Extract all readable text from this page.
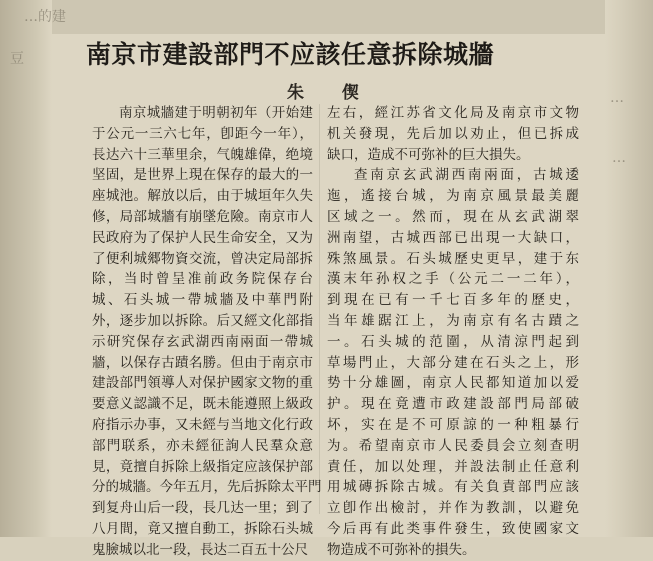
…的建
豆
…
…
南京市建設部門不应該任意拆除城牆
朱 偰
南京城牆建于明朝初年（开始建
于公元一三六七年，卽距今一年），
長达六十三華里余，气魄雄偉，绝境
坚固，是世界上現在保存的最大的一
座城池。解放以后，由于城垣年久失
修，局部城牆有崩墜危險。南京市人
民政府为了保护人民生命安全，又为
了便利城郷物資交流，曾决定局部拆
除，当时曾呈准前政务院保存台
城、石头城一帶城牆及中華門附
外，逐步加以拆除。后又經文化部指
示研究保存玄武湖西南兩面一帶城
牆，以保存古蹟名勝。但由于南京市
建設部門領導人对保护國家文物的重
要意义認識不足，既未能遵照上級政
府指示办事，又未經与当地文化行政
部門联系，亦未經征詢人民羣众意
見，竟擅自拆除上級指定应該保护部
分的城牆。今年五月，先后拆除太平門
到复舟山后一段，長几达一里；到了
八月間，竟又擅自動工，拆除石头城
鬼臉城以北一段，長达二百五十公尺
左右，經江苏省文化局及南京市文物
机关發現，先后加以劝止，但已拆成
缺口，造成不可弥补的巨大損失。
查南京玄武湖西南兩面，古城逶
迤，遙接台城，为南京風景最美麗
区域之一。然而，現在从玄武湖翠
洲南望，古城西部已出現一大缺口，
殊煞風景。石头城歷史更早，建于东
漢末年孙权之手（公元二一二年），
到現在已有一千七百多年的歷史，
当年雄踞江上，为南京有名古蹟之
一。石头城的范圍，从清涼門起到
草場門止，大部分建在石头之上，形
势十分雄圖，南京人民都知道加以爱
护。現在竟遭市政建設部門局部破
坏，实在是不可原諒的一种粗暴行
为。希望南京市人民委員会立刻查明
責任，加以处理，并設法制止任意利
用城磚拆除古城。有关負責部門应該
立卽作出檢討，并作为教訓，以避免
今后再有此类事件發生，致使國家文
物造成不可弥补的損失。
